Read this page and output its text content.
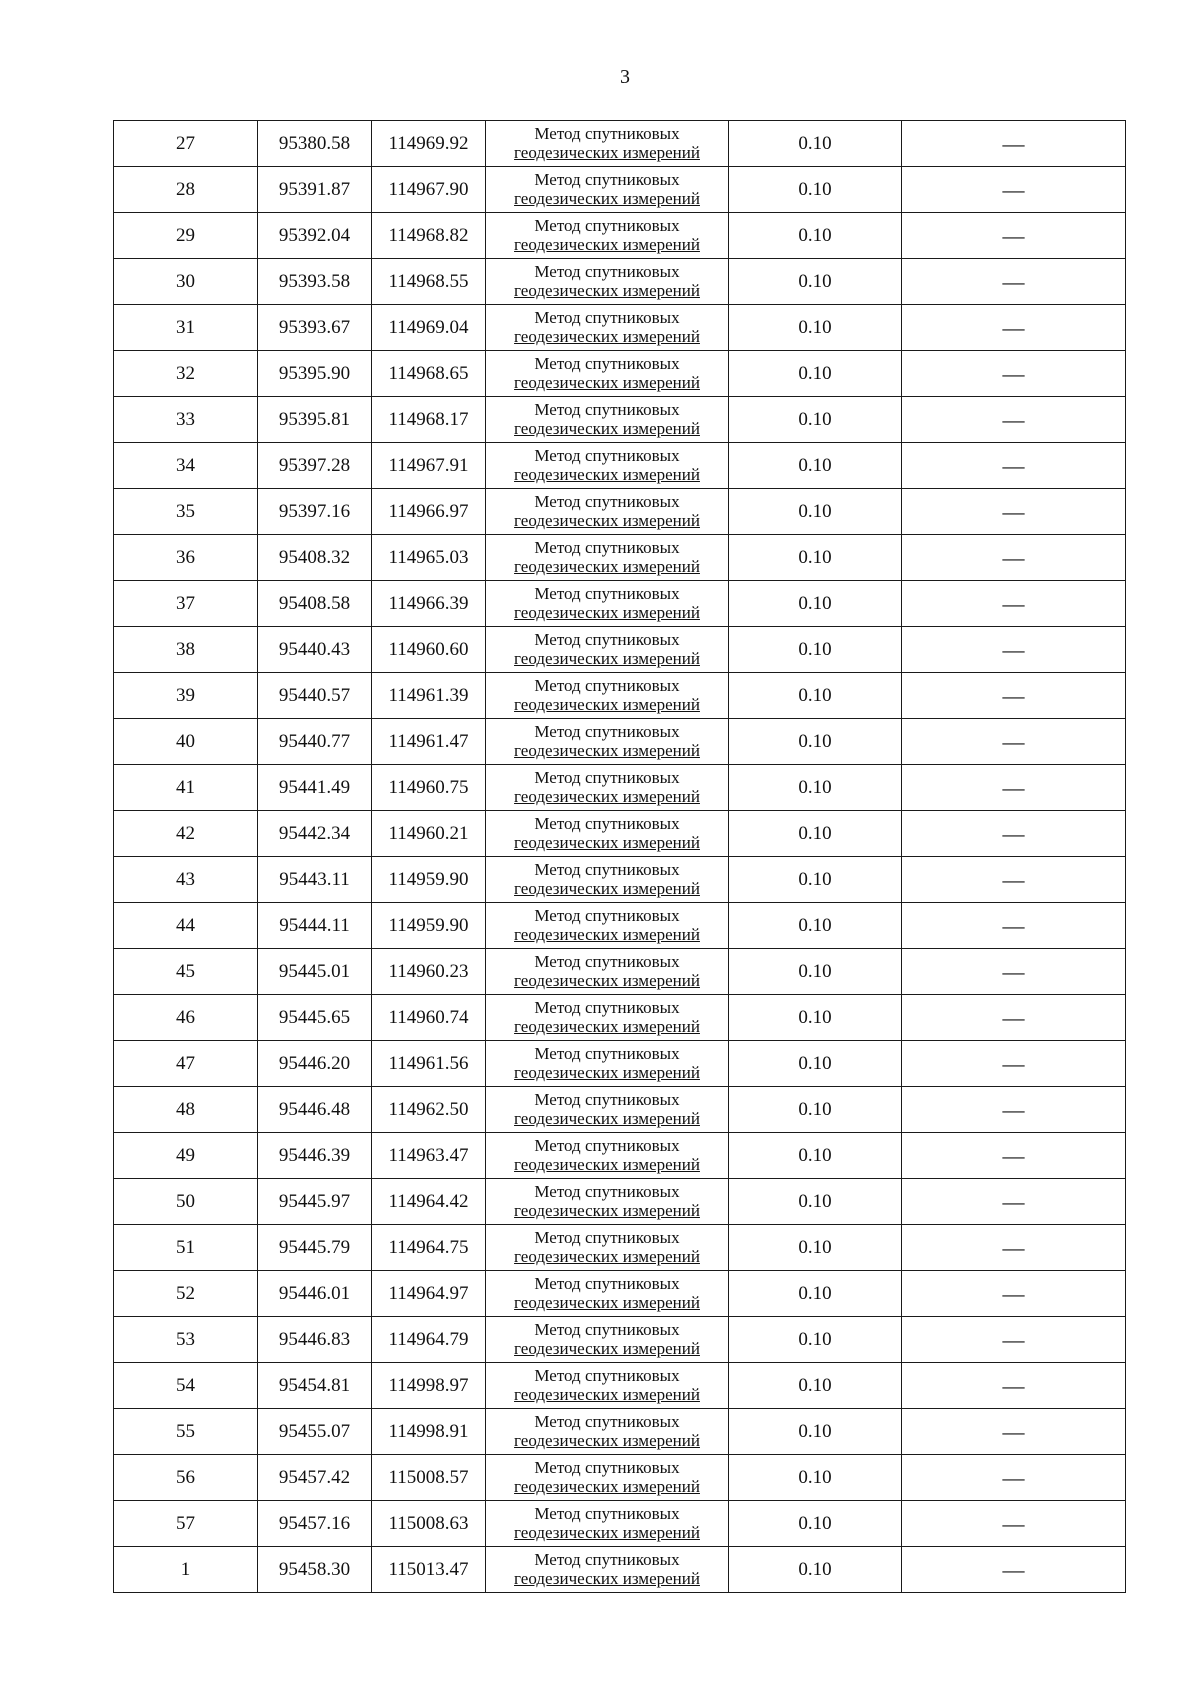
3
27	95380.58	114969.92	Метод спутниковых
геодезических измерений	0.10	—
28	95391.87	114967.90	Метод спутниковых
геодезических измерений	0.10	—
29	95392.04	114968.82	Метод спутниковых
геодезических измерений	0.10	—
30	95393.58	114968.55	Метод спутниковых
геодезических измерений	0.10	—
31	95393.67	114969.04	Метод спутниковых
геодезических измерений	0.10	—
32	95395.90	114968.65	Метод спутниковых
геодезических измерений	0.10	—
33	95395.81	114968.17	Метод спутниковых
геодезических измерений	0.10	—
34	95397.28	114967.91	Метод спутниковых
геодезических измерений	0.10	—
35	95397.16	114966.97	Метод спутниковых
геодезических измерений	0.10	—
36	95408.32	114965.03	Метод спутниковых
геодезических измерений	0.10	—
37	95408.58	114966.39	Метод спутниковых
геодезических измерений	0.10	—
38	95440.43	114960.60	Метод спутниковых
геодезических измерений	0.10	—
39	95440.57	114961.39	Метод спутниковых
геодезических измерений	0.10	—
40	95440.77	114961.47	Метод спутниковых
геодезических измерений	0.10	—
41	95441.49	114960.75	Метод спутниковых
геодезических измерений	0.10	—
42	95442.34	114960.21	Метод спутниковых
геодезических измерений	0.10	—
43	95443.11	114959.90	Метод спутниковых
геодезических измерений	0.10	—
44	95444.11	114959.90	Метод спутниковых
геодезических измерений	0.10	—
45	95445.01	114960.23	Метод спутниковых
геодезических измерений	0.10	—
46	95445.65	114960.74	Метод спутниковых
геодезических измерений	0.10	—
47	95446.20	114961.56	Метод спутниковых
геодезических измерений	0.10	—
48	95446.48	114962.50	Метод спутниковых
геодезических измерений	0.10	—
49	95446.39	114963.47	Метод спутниковых
геодезических измерений	0.10	—
50	95445.97	114964.42	Метод спутниковых
геодезических измерений	0.10	—
51	95445.79	114964.75	Метод спутниковых
геодезических измерений	0.10	—
52	95446.01	114964.97	Метод спутниковых
геодезических измерений	0.10	—
53	95446.83	114964.79	Метод спутниковых
геодезических измерений	0.10	—
54	95454.81	114998.97	Метод спутниковых
геодезических измерений	0.10	—
55	95455.07	114998.91	Метод спутниковых
геодезических измерений	0.10	—
56	95457.42	115008.57	Метод спутниковых
геодезических измерений	0.10	—
57	95457.16	115008.63	Метод спутниковых
геодезических измерений	0.10	—
1	95458.30	115013.47	Метод спутниковых
геодезических измерений	0.10	—
